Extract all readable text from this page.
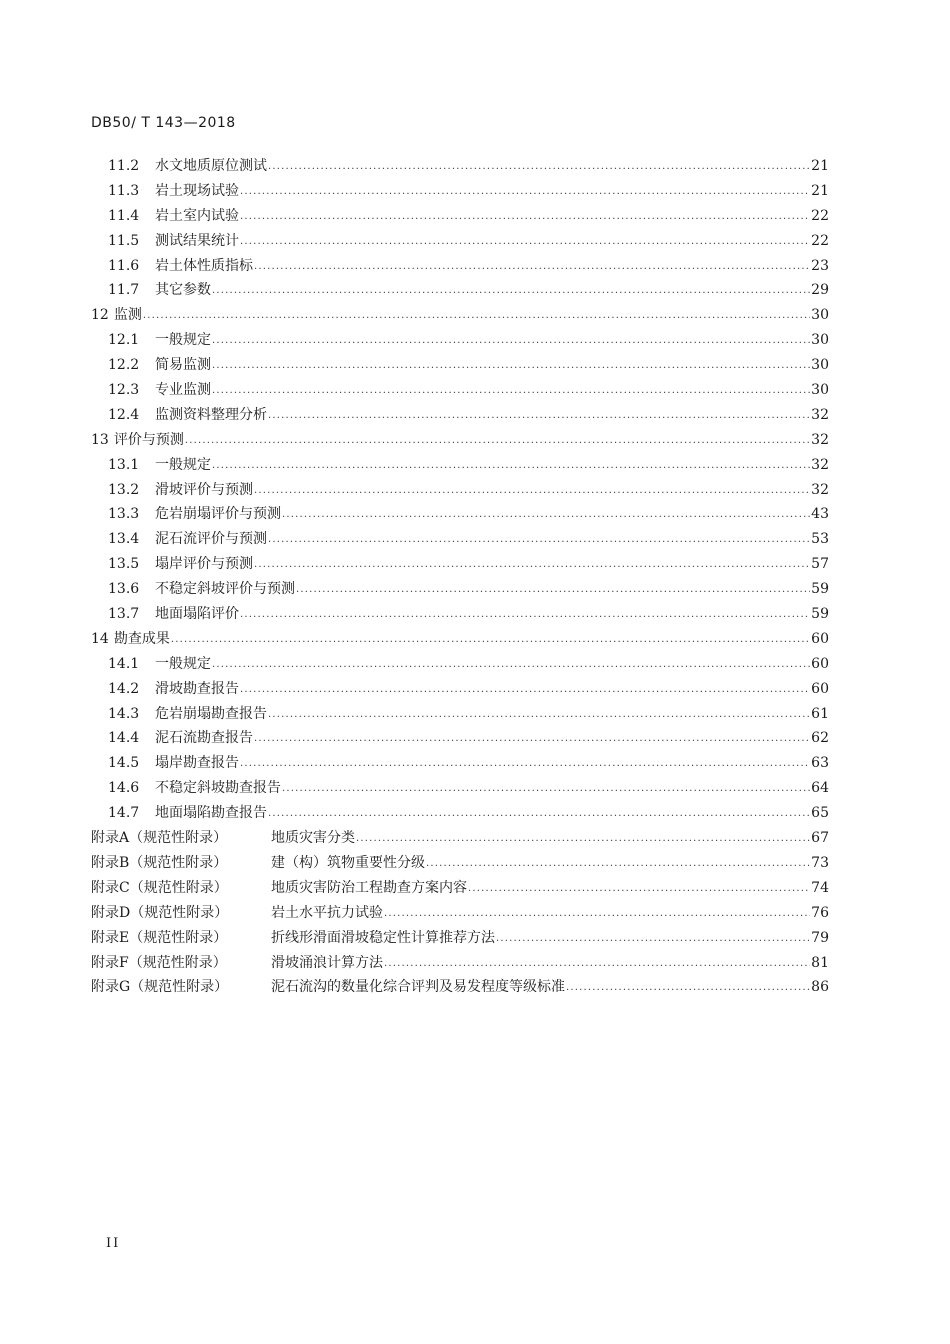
DB50/ T 143—2018
11.2	水文地质原位测试 .....	21
11.3	岩土现场试验 .....	21
11.4	岩土室内试验 .....	22
11.5	测试结果统计 .....	22
11.6	岩土体性质指标 .....	23
11.7	其它参数 .....	29
12 监测 .....	30
12.1	一般规定 .....	30
12.2	简易监测 .....	30
12.3	专业监测 .....	30
12.4	监测资料整理分析 .....	32
13 评价与预测 .....	32
13.1	一般规定 .....	32
13.2	滑坡评价与预测 .....	32
13.3	危岩崩塌评价与预测 .....	43
13.4	泥石流评价与预测 .....	53
13.5	塌岸评价与预测 .....	57
13.6	不稳定斜坡评价与预测 .....	59
13.7	地面塌陷评价 .....	59
14 勘查成果 .....	60
14.1	一般规定 .....	60
14.2	滑坡勘查报告 .....	60
14.3	危岩崩塌勘查报告 .....	61
14.4	泥石流勘查报告 .....	62
14.5	塌岸勘查报告 .....	63
14.6	不稳定斜坡勘查报告 .....	64
14.7	地面塌陷勘查报告 .....	65
附录A（规范性附录）	地质灾害分类 .....	67
附录B（规范性附录）	建（构）筑物重要性分级 .....	73
附录C（规范性附录）	地质灾害防治工程勘查方案内容 .....	74
附录D（规范性附录）	岩土水平抗力试验 .....	76
附录E（规范性附录）	折线形滑面滑坡稳定性计算推荐方法 .....	79
附录F（规范性附录）	滑坡涌浪计算方法 .....	81
附录G（规范性附录）	泥石流沟的数量化综合评判及易发程度等级标准 .....	86
II
